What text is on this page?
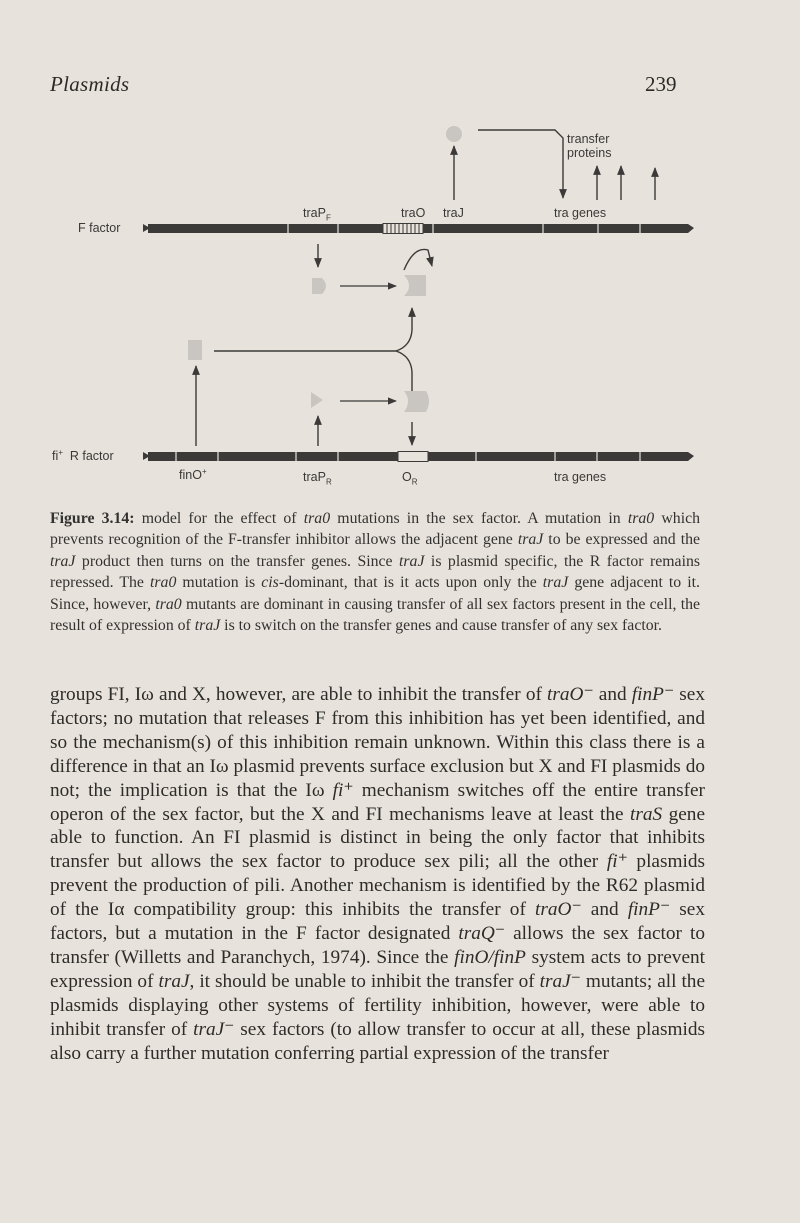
Plasmids	239
transfer
proteins
traP$_F$	traO traJ	tra genes
F factor
fi+ R factor
finO+	traP$_R$	$O_R$	tra genes

Figure 3.14: model for the effect of tra0 mutations in the sex factor. A mutation in tra0 which prevents recognition of the F-transfer inhibitor allows the adjacent gene traJ to be expressed and the traJ product then turns on the transfer genes. Since traJ is plasmid specific, the R factor remains repressed. The tra0 mutation is cis-dominant, that is it acts upon only the traJ gene adjacent to it. Since, however, tra0 mutants are dominant in causing transfer of all sex factors present in the cell, the result of expression of traJ is to switch on the transfer genes and cause transfer of any sex factor.

groups FI, Iω and X, however, are able to inhibit the transfer of traO⁻ and finP⁻ sex factors; no mutation that releases F from this inhibition has yet been identified, and so the mechanism(s) of this inhibition remain unknown. Within this class there is a difference in that an Iω plasmid prevents surface exclusion but X and FI plasmids do not; the implication is that the Iω fi⁺ mechanism switches off the entire transfer operon of the sex factor, but the X and FI mechanisms leave at least the traS gene able to function. An FI plasmid is distinct in being the only factor that inhibits transfer but allows the sex factor to produce sex pili; all the other fi⁺ plasmids prevent the production of pili. Another mechanism is identified by the R62 plasmid of the Iα compatibility group: this inhibits the transfer of traO⁻ and finP⁻ sex factors, but a mutation in the F factor designated traQ⁻ allows the sex factor to transfer (Willetts and Paranchych, 1974). Since the finO/finP system acts to prevent expression of traJ, it should be unable to inhibit the transfer of traJ⁻ mutants; all the plasmids displaying other systems of fertility inhibition, however, were able to inhibit transfer of traJ⁻ sex factors (to allow transfer to occur at all, these plasmids also carry a further mutation conferring partial expression of the transfer
